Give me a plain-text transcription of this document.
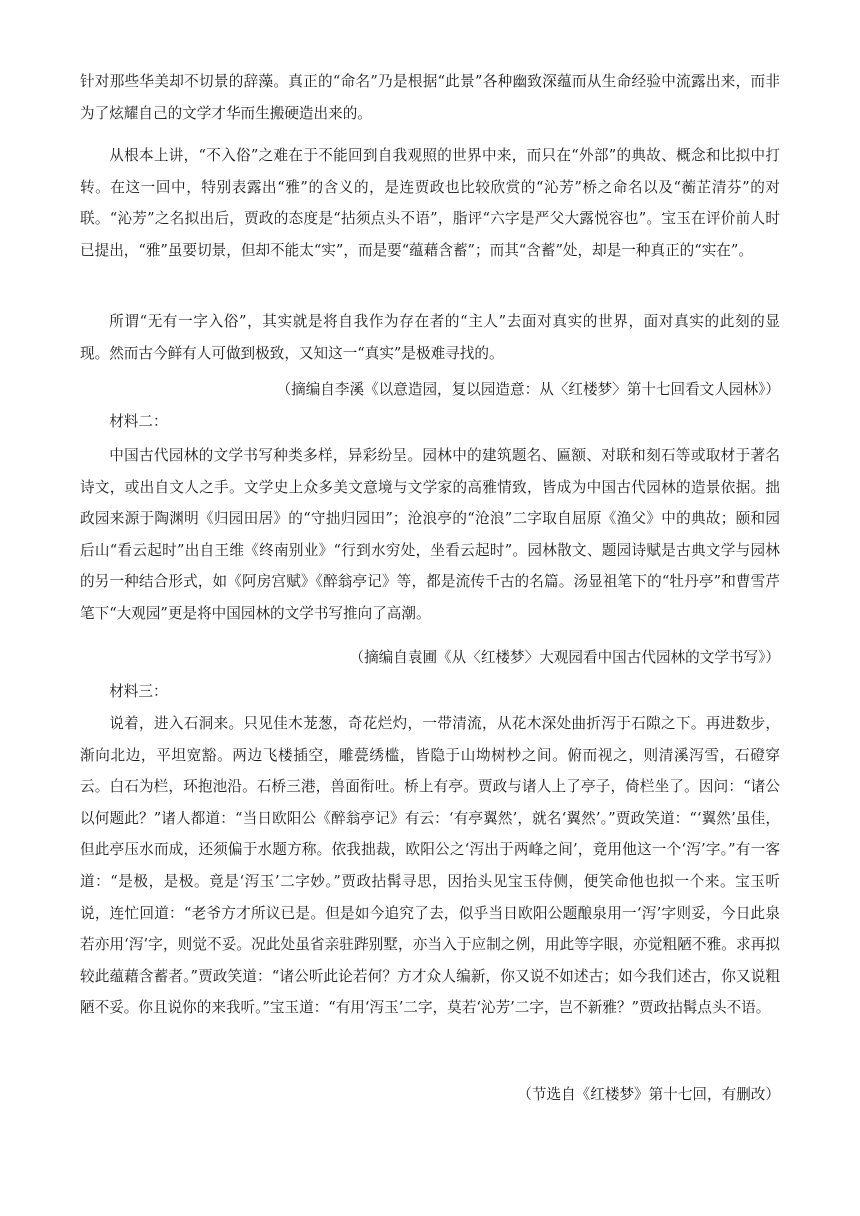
针对那些华美却不切景的辞藻。真正的“命名”乃是根据“此景”各种幽致深蕴而从生命经验中流露出来，而非为了炫耀自己的文学才华而生搬硬造出来的。

从根本上讲，“不入俗”之难在于不能回到自我观照的世界中来，而只在“外部”的典故、概念和比拟中打转。在这一回中，特别表露出“雅”的含义的，是连贾政也比较欣赏的“沁芳”桥之命名以及“蘅芷清芬”的对联。“沁芳”之名拟出后，贾政的态度是“拈须点头不语”，脂评“六字是严父大露悦容也”。宝玉在评价前人时已提出，“雅”虽要切景，但却不能太“实”，而是要“蕴藉含蓄”；而其“含蓄”处，却是一种真正的“实在”。

所谓“无有一字入俗”，其实就是将自我作为存在者的“主人”去面对真实的世界，面对真实的此刻的显现。然而古今鲜有人可做到极致，又知这一“真实”是极难寻找的。

（摘编自李溪《以意造园，复以园造意：从〈红楼梦〉第十七回看文人园林》）

材料二：

中国古代园林的文学书写种类多样，异彩纷呈。园林中的建筑题名、匾额、对联和刻石等或取材于著名诗文，或出自文人之手。文学史上众多美文意境与文学家的高雅情致，皆成为中国古代园林的造景依据。拙政园来源于陶渊明《归园田居》的“守拙归园田”；沧浪亭的“沧浪”二字取自屈原《渔父》中的典故；颐和园后山“看云起时”出自王维《终南别业》“行到水穷处，坐看云起时”。园林散文、题园诗赋是古典文学与园林的另一种结合形式，如《阿房宫赋》《醉翁亭记》等，都是流传千古的名篇。汤显祖笔下的“牡丹亭”和曹雪芹笔下“大观园”更是将中国园林的文学书写推向了高潮。

（摘编自袁圃《从〈红楼梦〉大观园看中国古代园林的文学书写》）

材料三：

说着，进入石洞来。只见佳木茏葱，奇花烂灼，一带清流，从花木深处曲折泻于石隙之下。再进数步，渐向北边，平坦宽豁。两边飞楼插空，雕甍绣槛，皆隐于山坳树杪之间。俯而视之，则清溪泻雪，石磴穿云。白石为栏，环抱池沿。石桥三港，兽面衔吐。桥上有亭。贾政与诸人上了亭子，倚栏坐了。因问：“诸公以何题此？”诸人都道：“当日欧阳公《醉翁亭记》有云：‘有亭翼然’，就名‘翼然’。”贾政笑道：“‘翼然’虽佳，但此亭压水而成，还须偏于水题方称。依我拙裁，欧阳公之‘泻出于两峰之间’，竟用他这一个‘泻’字。”有一客道：“是极，是极。竟是‘泻玉’二字妙。”贾政拈髯寻思，因抬头见宝玉侍侧，便笑命他也拟一个来。宝玉听说，连忙回道：“老爷方才所议已是。但是如今追究了去，似乎当日欧阳公题酿泉用一‘泻’字则妥，今日此泉若亦用‘泻’字，则觉不妥。况此处虽省亲驻跸别墅，亦当入于应制之例，用此等字眼，亦觉粗陋不雅。求再拟较此蕴藉含蓄者。”贾政笑道：“诸公听此论若何？方才众人编新，你又说不如述古；如今我们述古，你又说粗陋不妥。你且说你的来我听。”宝玉道：“有用‘泻玉’二字，莫若‘沁芳’二字，岂不新雅？”贾政拈髯点头不语。

（节选自《红楼梦》第十七回，有删改）
